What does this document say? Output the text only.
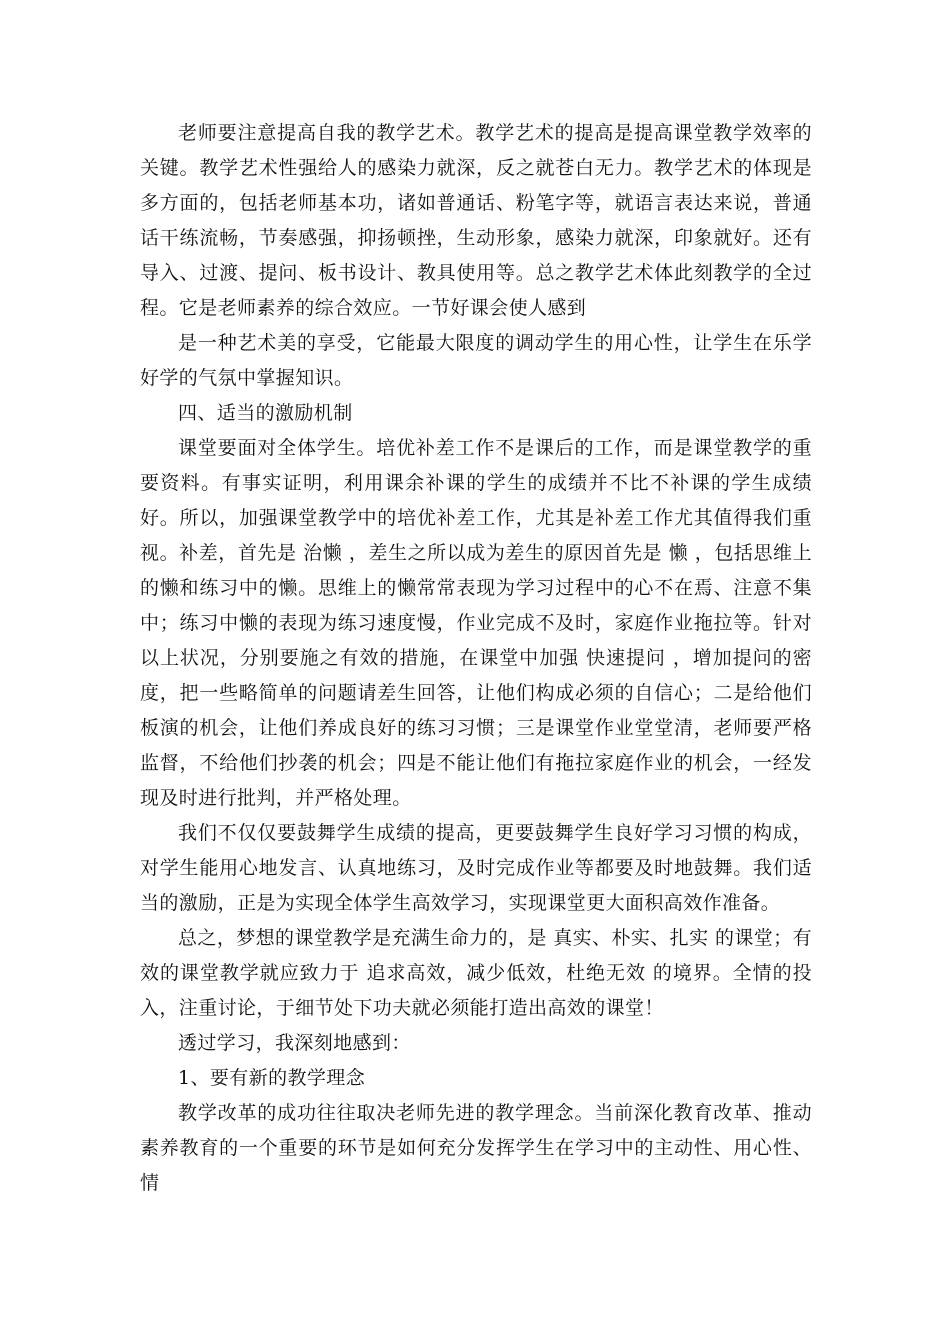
老师要注意提高自我的教学艺术。教学艺术的提高是提高课堂教学效率的关键。教学艺术性强给人的感染力就深，反之就苍白无力。教学艺术的体现是多方面的，包括老师基本功，诸如普通话、粉笔字等，就语言表达来说，普通话干练流畅，节奏感强，抑扬顿挫，生动形象，感染力就深，印象就好。还有导入、过渡、提问、板书设计、教具使用等。总之教学艺术体此刻教学的全过程。它是老师素养的综合效应。一节好课会使人感到

是一种艺术美的享受，它能最大限度的调动学生的用心性，让学生在乐学好学的气氛中掌握知识。

四、适当的激励机制

课堂要面对全体学生。培优补差工作不是课后的工作，而是课堂教学的重要资料。有事实证明，利用课余补课的学生的成绩并不比不补课的学生成绩好。所以，加强课堂教学中的培优补差工作，尤其是补差工作尤其值得我们重视。补差，首先是 治懒 ，差生之所以成为差生的原因首先是 懒 ，包括思维上的懒和练习中的懒。思维上的懒常常表现为学习过程中的心不在焉、注意不集中；练习中懒的表现为练习速度慢，作业完成不及时，家庭作业拖拉等。针对以上状况，分别要施之有效的措施，在课堂中加强 快速提问 ，增加提问的密度，把一些略简单的问题请差生回答，让他们构成必须的自信心；二是给他们板演的机会，让他们养成良好的练习习惯；三是课堂作业堂堂清，老师要严格监督，不给他们抄袭的机会；四是不能让他们有拖拉家庭作业的机会，一经发现及时进行批判，并严格处理。

我们不仅仅要鼓舞学生成绩的提高，更要鼓舞学生良好学习习惯的构成，对学生能用心地发言、认真地练习，及时完成作业等都要及时地鼓舞。我们适当的激励，正是为实现全体学生高效学习，实现课堂更大面积高效作准备。

总之，梦想的课堂教学是充满生命力的，是 真实、朴实、扎实 的课堂；有效的课堂教学就应致力于 追求高效，减少低效，杜绝无效 的境界。全情的投入，注重讨论，于细节处下功夫就必须能打造出高效的课堂！

透过学习，我深刻地感到：

1、要有新的教学理念

教学改革的成功往往取决老师先进的教学理念。当前深化教育改革、推动素养教育的一个重要的环节是如何充分发挥学生在学习中的主动性、用心性、情
